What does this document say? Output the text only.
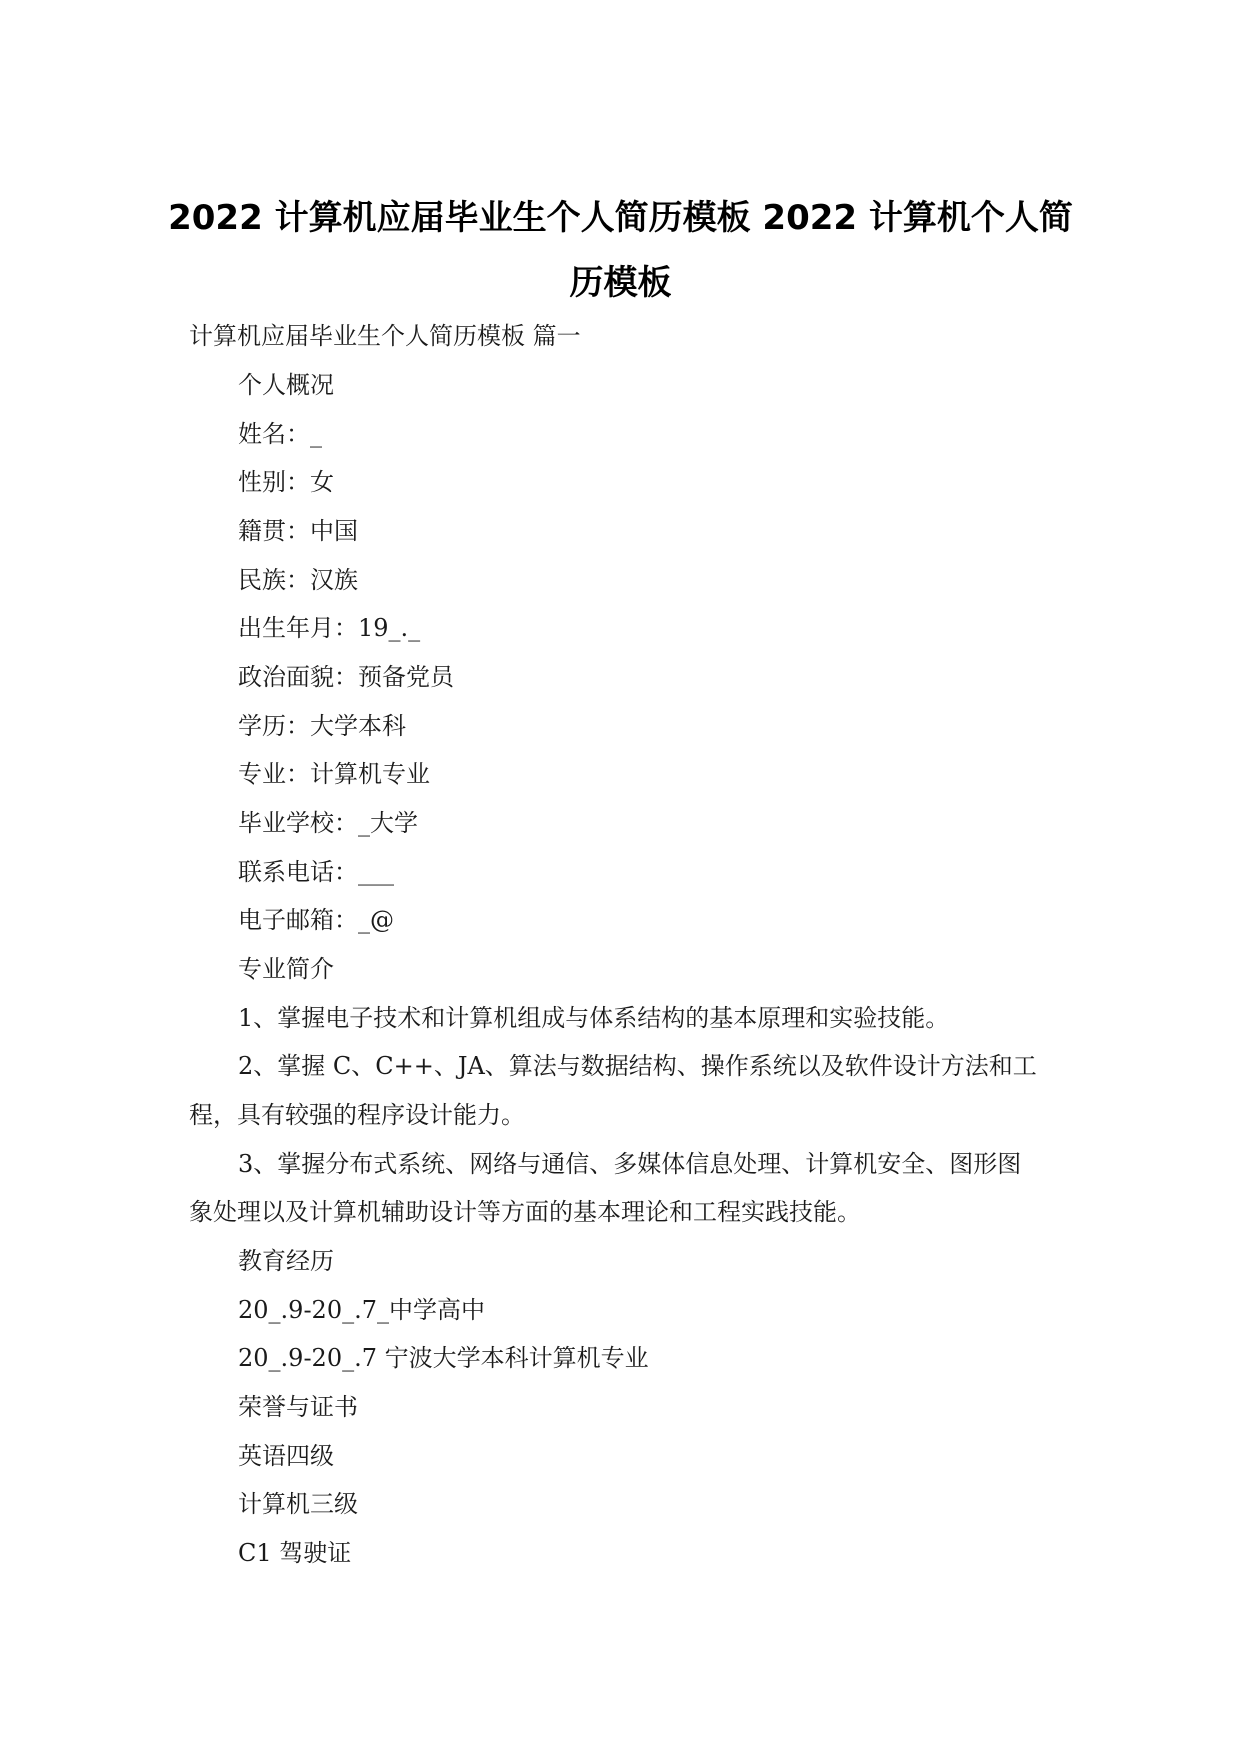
2022 计算机应届毕业生个人简历模板 2022 计算机个人简
历模板
计算机应届毕业生个人简历模板 篇一
个人概况
姓名：_
性别：女
籍贯：中国
民族：汉族
出生年月：19_._
政治面貌：预备党员
学历：大学本科
专业：计算机专业
毕业学校：_大学
联系电话：___
电子邮箱：_@
专业简介
1、掌握电子技术和计算机组成与体系结构的基本原理和实验技能。
2、掌握 C、C++、JA、算法与数据结构、操作系统以及软件设计方法和工
程，具有较强的程序设计能力。
3、掌握分布式系统、网络与通信、多媒体信息处理、计算机安全、图形图
象处理以及计算机辅助设计等方面的基本理论和工程实践技能。
教育经历
20_.9-20_.7_中学高中
20_.9-20_.7 宁波大学本科计算机专业
荣誉与证书
英语四级
计算机三级
C1 驾驶证
